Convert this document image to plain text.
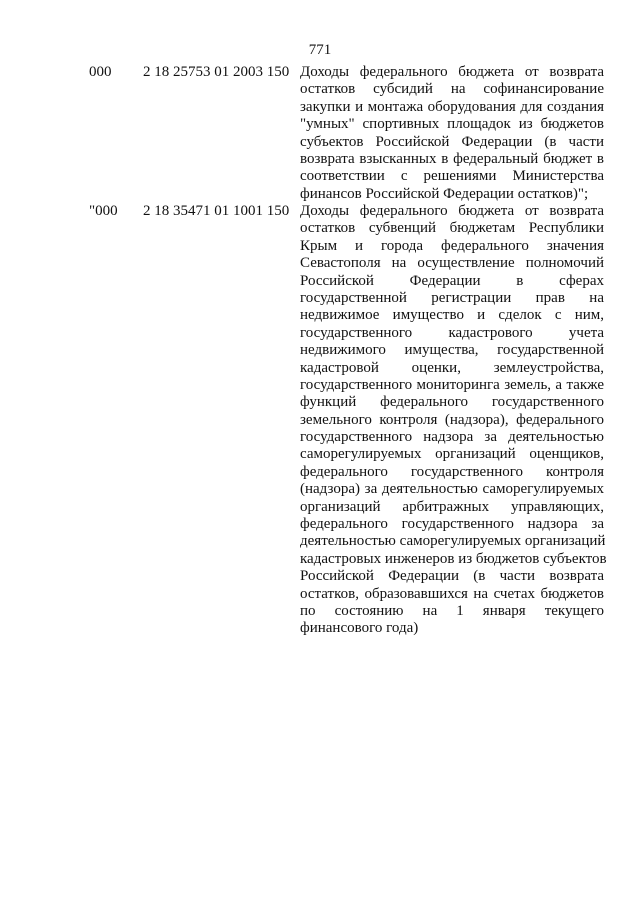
771
000 2 18 25753 01 2003 150 Доходы федерального бюджета от возврата
остатков субсидий на софинансирование
закупки и монтажа оборудования для создания
"умных" спортивных площадок из бюджетов
субъектов Российской Федерации (в части
возврата взысканных в федеральный бюджет в
соответствии с решениями Министерства
финансов Российской Федерации остатков)";
"000 2 18 35471 01 1001 150 Доходы федерального бюджета от возврата
остатков субвенций бюджетам Республики
Крым и города федерального значения
Севастополя на осуществление полномочий
Российской Федерации в сферах
государственной регистрации прав на
недвижимое имущество и сделок с ним,
государственного кадастрового учета
недвижимого имущества, государственной
кадастровой оценки, землеустройства,
государственного мониторинга земель, а также
функций федерального государственного
земельного контроля (надзора), федерального
государственного надзора за деятельностью
саморегулируемых организаций оценщиков,
федерального государственного контроля
(надзора) за деятельностью саморегулируемых
организаций арбитражных управляющих,
федерального государственного надзора за
деятельностью саморегулируемых организаций
кадастровых инженеров из бюджетов субъектов
Российской Федерации (в части возврата
остатков, образовавшихся на счетах бюджетов
по состоянию на 1 января текущего
финансового года)
